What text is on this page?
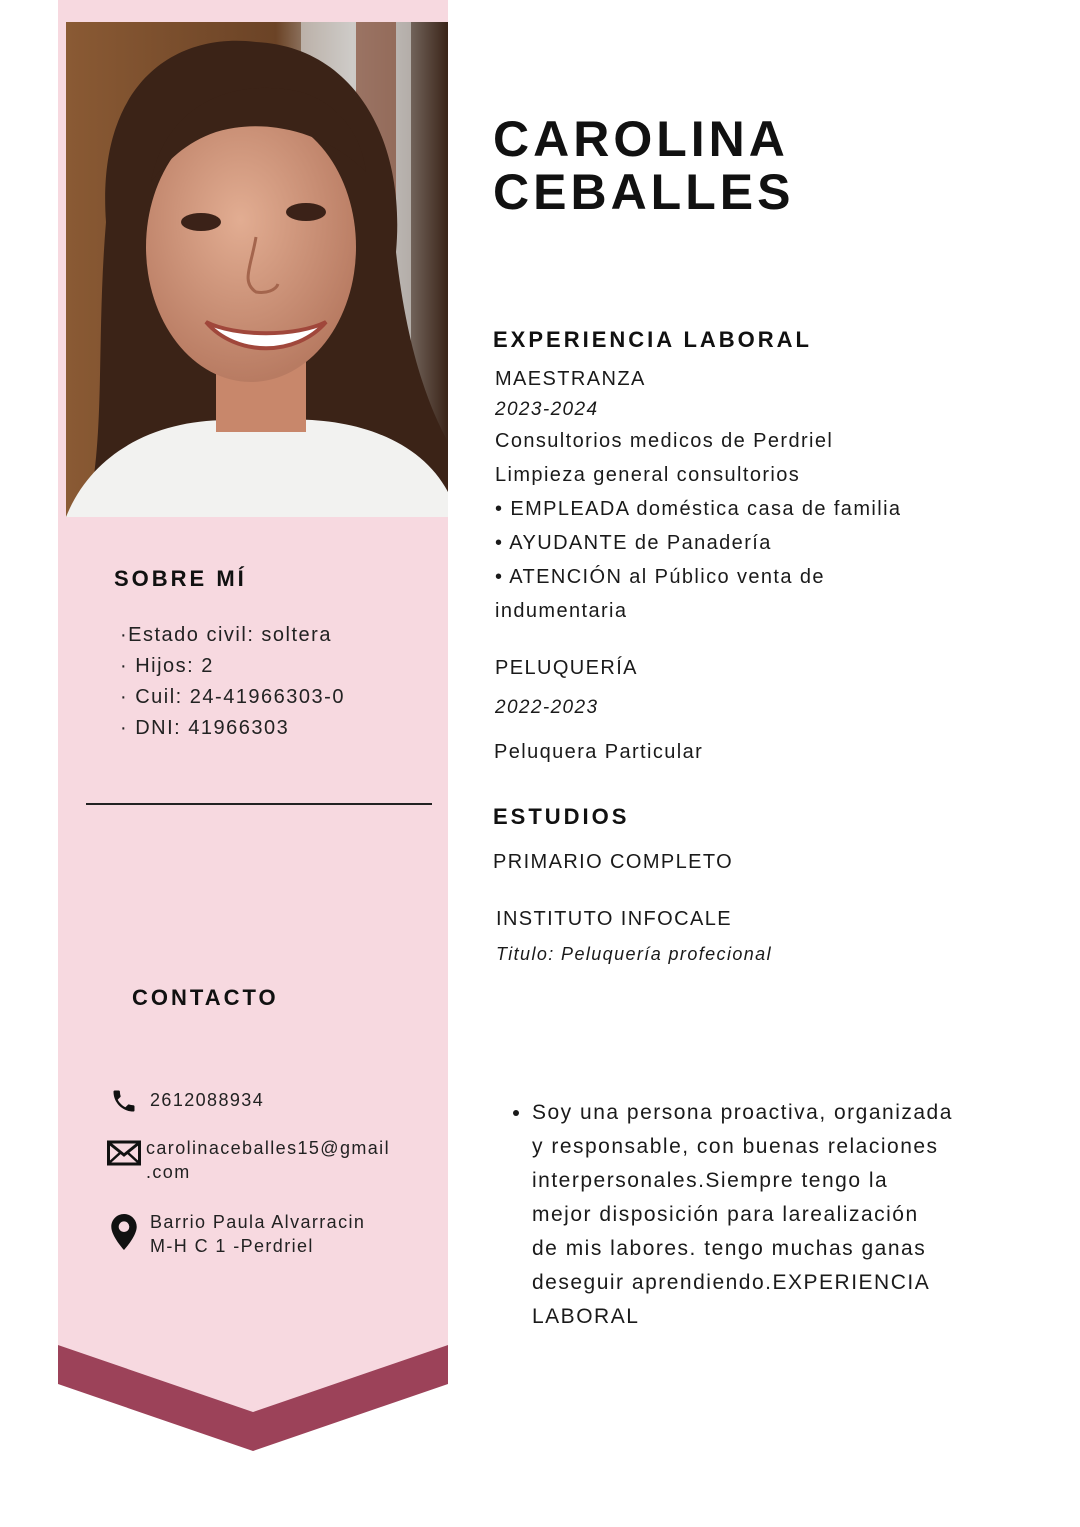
SOBRE MÍ
·Estado civil: soltera
· Hijos: 2
· Cuil: 24-41966303-0
· DNI: 41966303
CONTACTO
2612088934
carolinaceballes15@gmail
.com
Barrio Paula Alvarracin
M-H C 1 -Perdriel
CAROLINA
CEBALLES
EXPERIENCIA LABORAL
MAESTRANZA
2023-2024
Consultorios medicos de Perdriel
Limpieza general consultorios
• EMPLEADA doméstica casa de familia
• AYUDANTE de Panadería
• ATENCIÓN al Público venta de
indumentaria
PELUQUERÍA
2022-2023
Peluquera Particular
ESTUDIOS
PRIMARIO COMPLETO
INSTITUTO INFOCALE
Titulo: Peluquería profecional
• Soy una persona proactiva, organizada
y responsable, con buenas relaciones
interpersonales.Siempre tengo la
mejor disposición para larealización
de mis labores. tengo muchas ganas
deseguir aprendiendo.EXPERIENCIA
LABORAL
